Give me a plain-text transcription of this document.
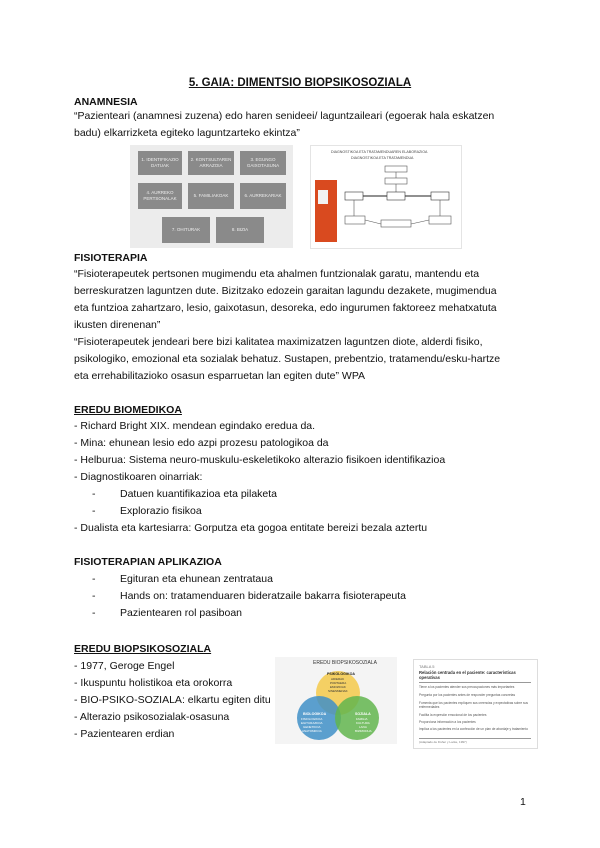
5. GAIA: DIMENTSIO BIOPSIKOSOZIALA
ANAMNESIA
“Pazienteari (anamnesi zuzena) edo haren senideei/ laguntzaileari (egoerak hala eskatzen
badu) elkarrizketa egiteko laguntzarteko ekintza”
1. IDENTIFIKAZIO DATUAK
2. KONTSULTAREN ARRAZOIA
3. EGUNGO GAIXOTASUNA
4. AURREKO PERTSONALAK
5. FAMILIAKOAK	6. AURREKARIAK
7. OHITURAK	8. BIZIA
DIAGNOSTIKOA ETA TRATAMENDUAREN ELABORAZIOA
DIAGNOSTIKOA ETA TRATAMENDUA
FISIOTERAPIA
“Fisioterapeutek pertsonen mugimendu eta ahalmen funtzionalak garatu, mantendu eta
berreskuratzen laguntzen dute. Bizitzako edozein garaitan lagundu dezakete, mugimendua
eta funtzioa zahartzaro, lesio, gaixotasun, desoreka, edo ingurumen faktoreez mehatxatuta
ikusten direnenan”
“Fisioterapeutek jendeari bere bizi kalitatea maximizatzen laguntzen diote, alderdi fisiko,
psikologiko, emozional eta sozialak behatuz. Sustapen, prebentzio, tratamendu/esku-hartze
eta errehabilitazioko osasun esparruetan lan egiten dute” WPA
EREDU BIOMEDIKOA
- Richard Bright XIX. mendean egindako eredua da.
- Mina: ehunean lesio edo azpi prozesu patologikoa da
- Helburua: Sistema neuro-muskulu-eskeletikoko alterazio fisikoen identifikazioa
- Diagnostikoaren oinarriak:
- Datuen kuantifikazioa eta pilaketa
- Explorazio fisikoa
- Dualista eta kartesiarra: Gorputza eta gogoa entitate bereizi bezala aztertu
FISIOTERAPIAN APLIKAZIOA
- Egituran eta ehunean zentrataua
- Hands on: tratamenduaren bideratzaile bakarra fisioterapeuta
- Pazientearen rol pasiboan
EREDU BIOPSIKOSOZIALA
- 1977, Geroge Engel
- Ikuspuntu holistikoa eta orokorra
- BIO-PSIKO-SOZIALA: elkartu egiten ditu
- Alterazio psikosozialak-osasuna
- Pazientearen erdian
EREDU BIOPSIKOSOZIALA
PSIKOLOGIKOA
ADIERAK
PORTAERA
EMOZIOAK
SINESMENAK
BIOLOGIKOA
FISIOLOGIKOA
EGITURAZKOA
GENETIKOA
ANATOMIKOA
SOZIALA
FAMILIA
KULTURA
LANA
BIZIMODUA
TABLA 5
Relación centrada en el paciente: características operativas
Tiene a los pacientes atender sus preocupaciones más importantes
Pregunta por los pacientes antes de responder preguntas concretas
Fomenta que los pacientes expliquen sus creencias y expectativas sobre sus enfermedades
Facilita la expresión emocional de los pacientes
Proporciona información a los pacientes
Implica a los pacientes en la confección de un plan de abordaje y tratamiento
(Adaptado de Fisher y Locke, 1997)
1
